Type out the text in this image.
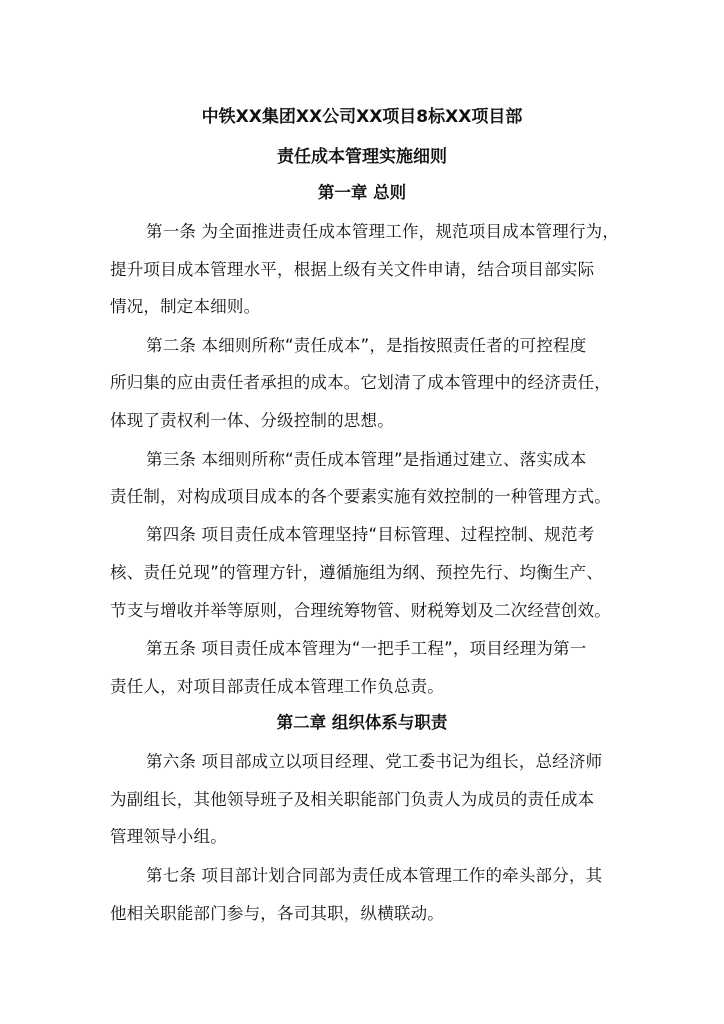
中铁XX集团XX公司XX项目8标XX项目部
责任成本管理实施细则
第一章 总则
第一条 为全面推进责任成本管理工作，规范项目成本管理行为，
提升项目成本管理水平，根据上级有关文件申请，结合项目部实际
情况，制定本细则。
第二条 本细则所称“责任成本”，是指按照责任者的可控程度
所归集的应由责任者承担的成本。它划清了成本管理中的经济责任，
体现了责权利一体、分级控制的思想。
第三条 本细则所称“责任成本管理”是指通过建立、落实成本
责任制，对构成项目成本的各个要素实施有效控制的一种管理方式。
第四条 项目责任成本管理坚持“目标管理、过程控制、规范考
核、责任兑现”的管理方针，遵循施组为纲、预控先行、均衡生产、
节支与增收并举等原则，合理统筹物管、财税筹划及二次经营创效。
第五条 项目责任成本管理为“一把手工程”，项目经理为第一
责任人，对项目部责任成本管理工作负总责。
第二章 组织体系与职责
第六条 项目部成立以项目经理、党工委书记为组长，总经济师
为副组长，其他领导班子及相关职能部门负责人为成员的责任成本
管理领导小组。
第七条 项目部计划合同部为责任成本管理工作的牵头部分，其
他相关职能部门参与，各司其职，纵横联动。
